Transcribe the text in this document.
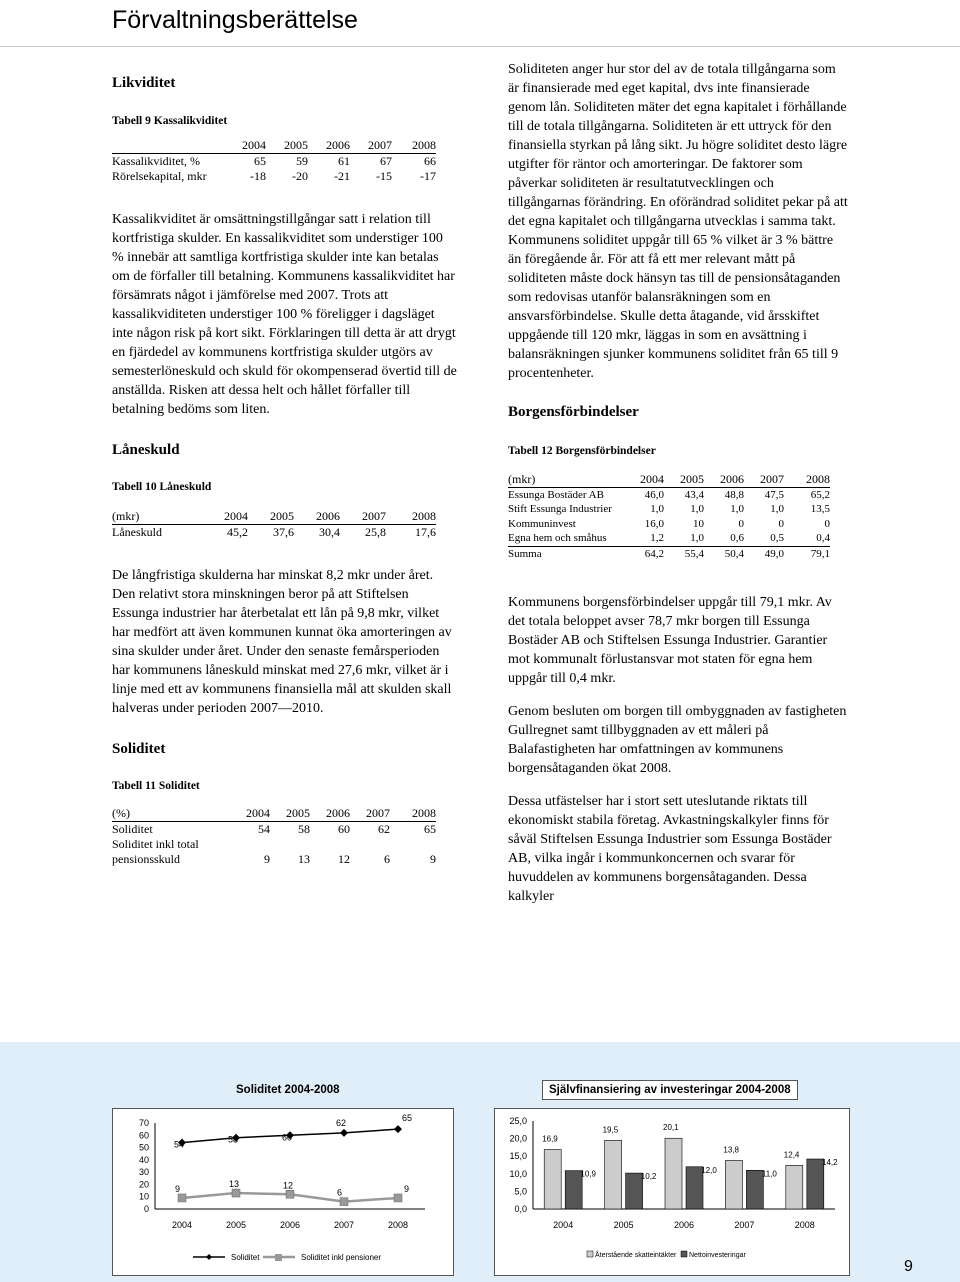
Förvaltningsberättelse
Likviditet
Tabell 9 Kassalikviditet
	2004	2005	2006	2007	2008
Kassalikviditet, %	65	59	61	67	66
Rörelsekapital, mkr	-18	-20	-21	-15	-17

Kassalikviditet är omsättningstillgångar satt i relation till kortfristiga skulder. En kassalikviditet som understiger 100 % innebär att samtliga kortfristiga skulder inte kan betalas om de förfaller till betalning. Kommunens kassalikviditet har försämrats något i jämförelse med 2007. Trots att kassalikviditeten understiger 100 % föreligger i dagsläget inte någon risk på kort sikt. Förklaringen till detta är att drygt en fjärdedel av kommunens kortfristiga skulder utgörs av semesterlöneskuld och skuld för okompenserad övertid till de anställda. Risken att dessa helt och hållet förfaller till betalning bedöms som liten.

Låneskuld
Tabell 10 Låneskuld
(mkr)	2004	2005	2006	2007	2008
Låneskuld	45,2	37,6	30,4	25,8	17,6

De långfristiga skulderna har minskat 8,2 mkr under året. Den relativt stora minskningen beror på att Stiftelsen Essunga industrier har återbetalat ett lån på 9,8 mkr, vilket har medfört att även kommunen kunnat öka amorteringen av sina skulder under året. Under den senaste femårsperioden har kommunens låneskuld minskat med 27,6 mkr, vilket är i linje med ett av kommunens finansiella mål att skulden skall halveras under perioden 2007—2010.

Soliditet
Tabell 11 Soliditet
(%)	2004	2005	2006	2007	2008
Soliditet	54	58	60	62	65
Soliditet inkl total					
pensionsskuld	9	13	12	6	9

Soliditeten anger hur stor del av de totala tillgångarna som är finansierade med eget kapital, dvs inte finansierade genom lån. Soliditeten mäter det egna kapitalet i förhållande till de totala tillgångarna. Soliditeten är ett uttryck för den finansiella styrkan på lång sikt. Ju högre soliditet desto lägre utgifter för räntor och amorteringar. De faktorer som påverkar soliditeten är resultatutvecklingen och tillgångarnas förändring. En oförändrad soliditet pekar på att det egna kapitalet och tillgångarna utvecklas i samma takt.

Kommunens soliditet uppgår till 65 % vilket är 3 % bättre än föregående år. För att få ett mer relevant mått på soliditeten måste dock hänsyn tas till de pensionsåtaganden som redovisas utanför balansräkningen som en ansvarsförbindelse. Skulle detta åtagande, vid årsskiftet uppgående till 120 mkr, läggas in som en avsättning i balansräkningen sjunker kommunens soliditet från 65 till 9 procentenheter.

Borgensförbindelser
Tabell 12 Borgensförbindelser
(mkr)	2004	2005	2006	2007	2008
Essunga Bostäder AB	46,0	43,4	48,8	47,5	65,2
Stift Essunga Industrier	1,0	1,0	1,0	1,0	13,5
Kommuninvest	16,0	10	0	0	0
Egna hem och småhus	1,2	1,0	0,6	0,5	0,4
Summa	64,2	55,4	50,4	49,0	79,1

Kommunens borgensförbindelser uppgår till 79,1 mkr. Av det totala beloppet avser 78,7 mkr borgen till Essunga Bostäder AB och Stiftelsen Essunga Industrier. Garantier mot kommunalt förlustansvar mot staten för egna hem uppgår till 0,4 mkr.

Genom besluten om borgen till ombyggnaden av fastigheten Gullregnet samt tillbyggnaden av ett måleri på Balafastigheten har omfattningen av kommunens borgensåtaganden ökat 2008.

Dessa utfästelser har i stort sett uteslutande riktats till ekonomiskt stabila företag. Avkastningskalkyler finns för såväl Stiftelsen Essunga Industrier som Essunga Bostäder AB, vilka ingår i kommunkoncernen och svarar för huvuddelen av kommunens borgensåtaganden. Dessa kalkyler

Soliditet 2004-2008
0
10
20
30
40
50
60
70
2004	2005	2006	2007	2008
54	58	60
62	65
9	13	12
6	9
Soliditet	Soliditet inkl pensioner
Självfinansiering av investeringar 2004-2008
0,0
5,0
10,0
15,0
20,0
25,0
2004
16,9
10,9
2005
19,5
10,2
2006
20,1
12,0
2007
13,8
11,0
2008
12,4
14,2
Återstående skatteintäkter Nettoinvesteringar
9
